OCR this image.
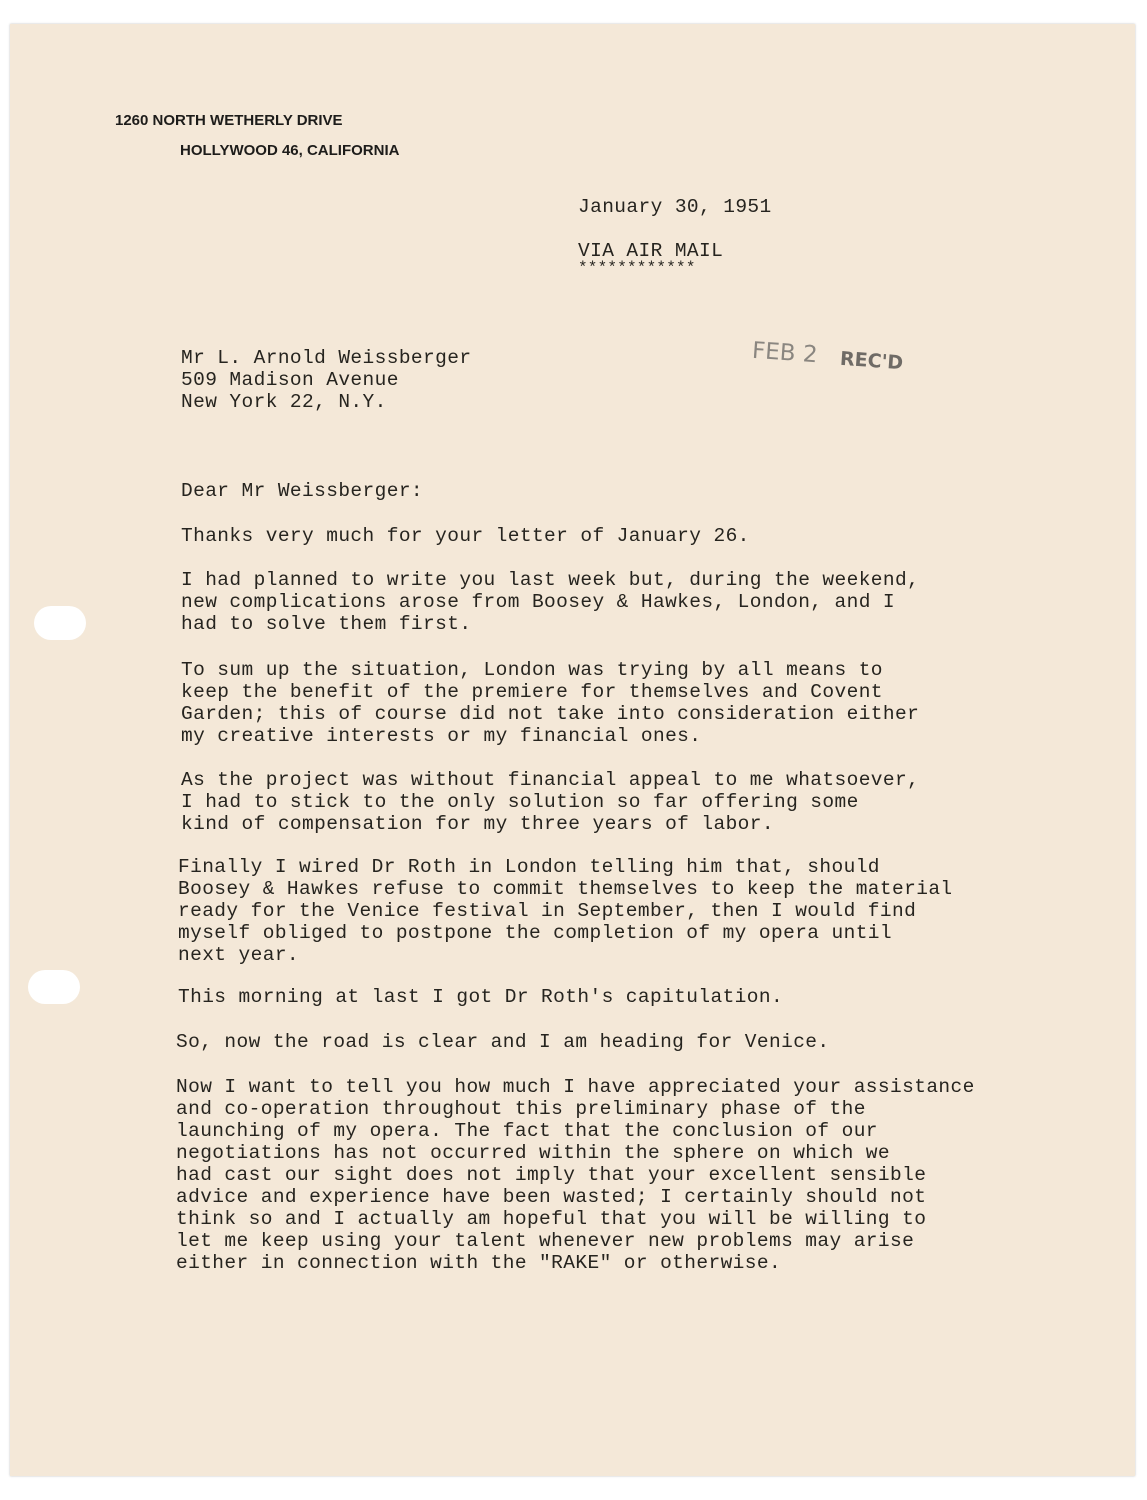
1260 NORTH WETHERLY DRIVE
HOLLYWOOD 46, CALIFORNIA
January 30, 1951
VIA AIR MAIL
************
FEB 2 REC'D
Mr L. Arnold Weissberger
509 Madison Avenue
New York 22, N.Y.
Dear Mr Weissberger:
Thanks very much for your letter of January 26.
I had planned to write you last week but, during the weekend,
new complications arose from Boosey & Hawkes, London, and I
had to solve them first.
To sum up the situation, London was trying by all means to
keep the benefit of the premiere for themselves and Covent
Garden; this of course did not take into consideration either
my creative interests or my financial ones.
As the project was without financial appeal to me whatsoever,
I had to stick to the only solution so far offering some
kind of compensation for my three years of labor.
Finally I wired Dr Roth in London telling him that, should
Boosey & Hawkes refuse to commit themselves to keep the material
ready for the Venice festival in September, then I would find
myself obliged to postpone the completion of my opera until
next year.
This morning at last I got Dr Roth's capitulation.
So, now the road is clear and I am heading for Venice.
Now I want to tell you how much I have appreciated your assistance
and co-operation throughout this preliminary phase of the
launching of my opera. The fact that the conclusion of our
negotiations has not occurred within the sphere on which we
had cast our sight does not imply that your excellent sensible
advice and experience have been wasted; I certainly should not
think so and I actually am hopeful that you will be willing to
let me keep using your talent whenever new problems may arise
either in connection with the "RAKE" or otherwise.
